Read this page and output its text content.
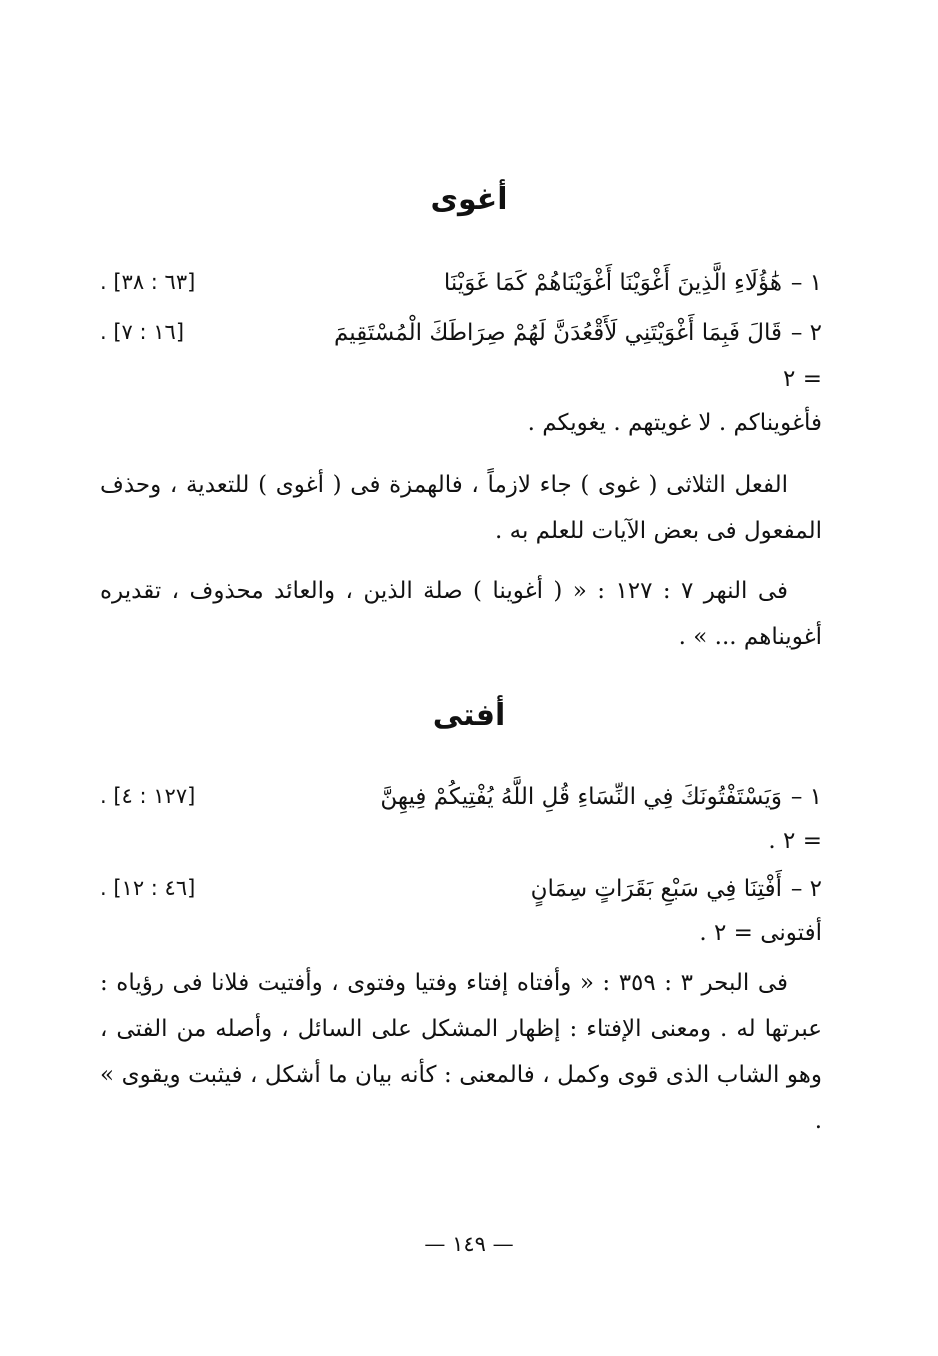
أغوى
١ –
هَٰؤُلَاءِ الَّذِينَ أَغْوَيْنَا أَغْوَيْنَاهُمْ كَمَا غَوَيْنَا
. [٦٣ : ٣٨]
٢ –
قَالَ فَبِمَا أَغْوَيْتَنِي لَأَقْعُدَنَّ لَهُمْ صِرَاطَكَ الْمُسْتَقِيمَ
. [١٦ : ٧]
= ٢
فأغويناكم . لا غويتهم . يغويكم .
الفعل الثلاثى ( غوى ) جاء لازماً ، فالهمزة فى ( أغوى ) للتعدية ، وحذف المفعول فى بعض الآيات للعلم به .
فى النهر ٧ : ١٢٧ : « ( أغوينا ) صلة الذين ، والعائد محذوف ، تقديره أغويناهم ... » .
أفتى
١ –
وَيَسْتَفْتُونَكَ فِي النِّسَاءِ قُلِ اللَّهُ يُفْتِيكُمْ فِيهِنَّ
. [١٢٧ : ٤]
= ٢ .
٢ –
أَفْتِنَا فِي سَبْعِ بَقَرَاتٍ سِمَانٍ
. [٤٦ : ١٢]
أفتونى = ٢ .
فى البحر ٣ : ٣٥٩ : « وأفتاه إفتاء وفتيا وفتوى ، وأفتيت فلانا فى رؤياه : عبرتها له . ومعنى الإفتاء : إظهار المشكل على السائل ، وأصله من الفتى ، وهو الشاب الذى قوى وكمل ، فالمعنى : كأنه بيان ما أشكل ، فيثبت ويقوى » .
— ١٤٩ —
